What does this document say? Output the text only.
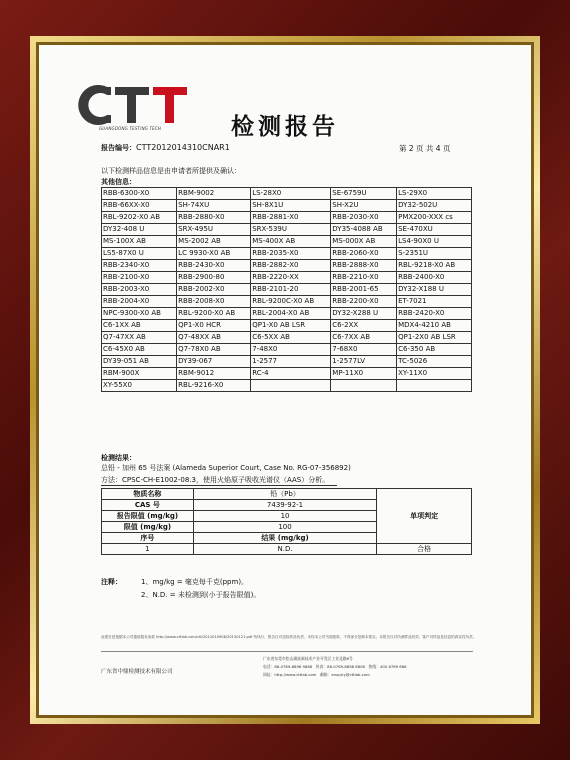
GUANGDONG TESTING TECH	检测报告
报告编号：CTT2012014310CNAR1	第 2 页 共 4 页
以下检测样品信息是由申请者所提供及确认：
其他信息：
RBB-6300-X0	RBM-9002	LS-28X0	SE-6759U	LS-29X0
RBB-66XX-X0	SH-74XU	SH-8X1U	SH-X2U	DY32-502U
RBL-9202-X0 AB	RBB-2880-X0	RBB-2881-X0	RBB-2030-X0	PMX200-XXX cs
DY32-408 U	SRX-495U	SRX-539U	DY35-4088 AB	SE-470XU
MS-100X AB	MS-2002 AB	MS-400X AB	MS-000X AB	LS4-90X0 U
LS5-87X0 U	LC 9930-X0 AB	RBB-2035-X0	RBB-2060-X0	S-2351U
RBB-2340-X0	RBB-2430-X0	RBB-2882-X0	RBB-2888-X0	RBL-9218-X0 AB
RBB-2100-X0	RBB-2900-80	RBB-2220-XX	RBB-2210-X0	RBB-2400-X0
RBB-2003-X0	RBB-2002-X0	RBB-2101-20	RBB-2001-65	DY32-X188 U
RBB-2004-X0	RBB-2008-X0	RBL-9200C-X0 AB	RBB-2200-X0	ET-7021
NPC-9300-X0 AB	RBL-9200-X0 AB	RBL-2004-X0 AB	DY32-X288 U	RBB-2420-X0
C6-1XX AB	QP1-X0 HCR	QP1-X0 AB LSR	C6-2XX	MDX4-4210 AB
Q7-47XX AB	Q7-48XX AB	C6-5XX AB	C6-7XX AB	QP1-2X0 AB LSR
C6-45X0 AB	Q7-78X0 AB	7-48X0	7-68X0	C6-350 AB
DY39-051 AB	DY39-067	1-2577	1-2577LV	TC-5026
RBM-900X	RBM-9012	RC-4	MP-11X0	XY-11X0
XY-55X0	RBL-9216-X0			
检测结果：
总铅 - 加州 65 号法案 (Alameda Superior Court, Case No. RG-07-356892)
方法：CPSC-CH-E1002-08.3，使用火焰原子吸收光谱仪（AAS）分析。
物质名称	铅（Pb）	单项判定
CAS 号	7439-92-1	
报告限值 (mg/kg)	10	
限值 (mg/kg)	100	
序号	结果 (mg/kg)	
1	N.D.	合格
注释：	1、mg/kg = 毫克每千克(ppm)。
2、N.D. = 未检测到(小于报告限值)。
此报告是根据本公司通用服务条款 http://www.cttlab.com/ctt/2012010908/20130121.pdf 所执行，报告仅对送检样品负责，未经本公司书面批准，不得部分复制本报告。本报告仅对所测样品有效，客户对样品及信息的真实性负责。
广东省中鼎检测技术有限公司
广东省东莞市松山湖高新技术产业开发区工业北路8号
电话：86-0769-8896 9888 传真：86-0769-8898 8808 热线：400 6789 666
网址：http://www.cttlab.com 邮箱：enquiry@cttlab.com
